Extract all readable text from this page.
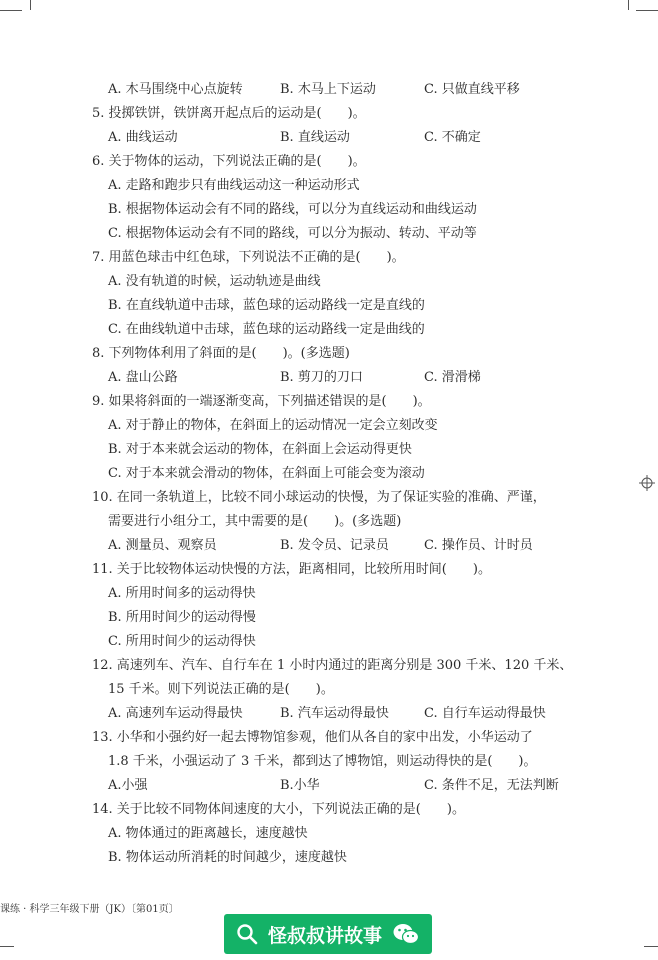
A. 木马围绕中心点旋转	B. 木马上下运动	C. 只做直线平移
5. 投掷铁饼，铁饼离开起点后的运动是(　　)。
A. 曲线运动	B. 直线运动	C. 不确定
6. 关于物体的运动，下列说法正确的是(　　)。
A. 走路和跑步只有曲线运动这一种运动形式
B. 根据物体运动会有不同的路线，可以分为直线运动和曲线运动
C. 根据物体运动会有不同的路线，可以分为振动、转动、平动等
7. 用蓝色球击中红色球，下列说法不正确的是(　　)。
A. 没有轨道的时候，运动轨迹是曲线
B. 在直线轨道中击球，蓝色球的运动路线一定是直线的
C. 在曲线轨道中击球，蓝色球的运动路线一定是曲线的
8. 下列物体利用了斜面的是(　　)。(多选题)
A. 盘山公路	B. 剪刀的刀口	C. 滑滑梯
9. 如果将斜面的一端逐渐变高，下列描述错误的是(　　)。
A. 对于静止的物体，在斜面上的运动情况一定会立刻改变
B. 对于本来就会运动的物体，在斜面上会运动得更快
C. 对于本来就会滑动的物体，在斜面上可能会变为滚动
10. 在同一条轨道上，比较不同小球运动的快慢，为了保证实验的准确、严谨，
需要进行小组分工，其中需要的是(　　)。(多选题)
A. 测量员、观察员	B. 发令员、记录员	C. 操作员、计时员
11. 关于比较物体运动快慢的方法，距离相同，比较所用时间(　　)。
A. 所用时间多的运动得快
B. 所用时间少的运动得慢
C. 所用时间少的运动得快
12. 高速列车、汽车、自行车在 1 小时内通过的距离分别是 300 千米、120 千米、
15 千米。则下列说法正确的是(　　)。
A. 高速列车运动得最快	B. 汽车运动得最快	C. 自行车运动得最快
13. 小华和小强约好一起去博物馆参观，他们从各自的家中出发，小华运动了
1.8 千米，小强运动了 3 千米，都到达了博物馆，则运动得快的是(　　)。
A.小强	B.小华	C. 条件不足，无法判断
14. 关于比较不同物体间速度的大小，下列说法正确的是(　　)。
A. 物体通过的距离越长，速度越快
B. 物体运动所消耗的时间越少，速度越快
课练 · 科学三年级下册（JK）〔第01页〕
怪叔叔讲故事
